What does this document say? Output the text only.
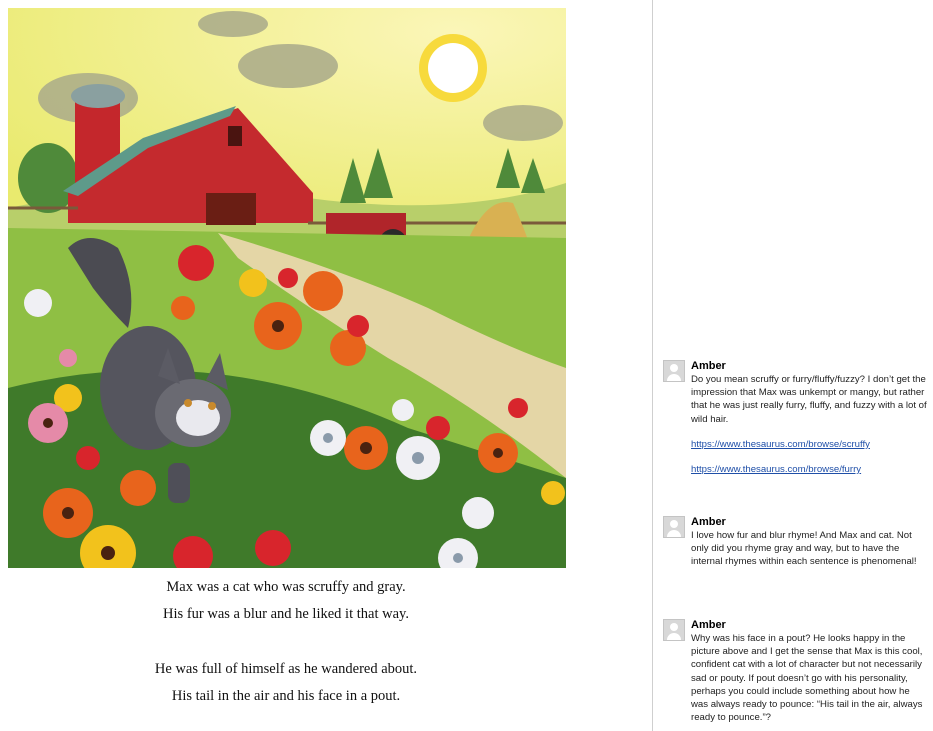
Max was a cat who was scruffy and gray.
His fur was a blur and he liked it that way.
He was full of himself as he wandered about.
His tail in the air and his face in a pout.
Amber
Do you mean scruffy or furry/fluffy/fuzzy? I don’t get the impression that Max was unkempt or mangy, but rather that he was just really furry, fluffy, and fuzzy with a lot of wild hair.
https://www.thesaurus.com/browse/scruffy
https://www.thesaurus.com/browse/furry
Amber
I love how fur and blur rhyme! And Max and cat. Not only did you rhyme gray and way, but to have the internal rhymes within each sentence is phenomenal!
Amber
Why was his face in a pout? He looks happy in the picture above and I get the sense that Max is this cool, confident cat with a lot of character but not necessarily sad or pouty. If pout doesn’t go with his personality, perhaps you could include something about how he was always ready to pounce: “His tail in the air, always ready to pounce.”?
